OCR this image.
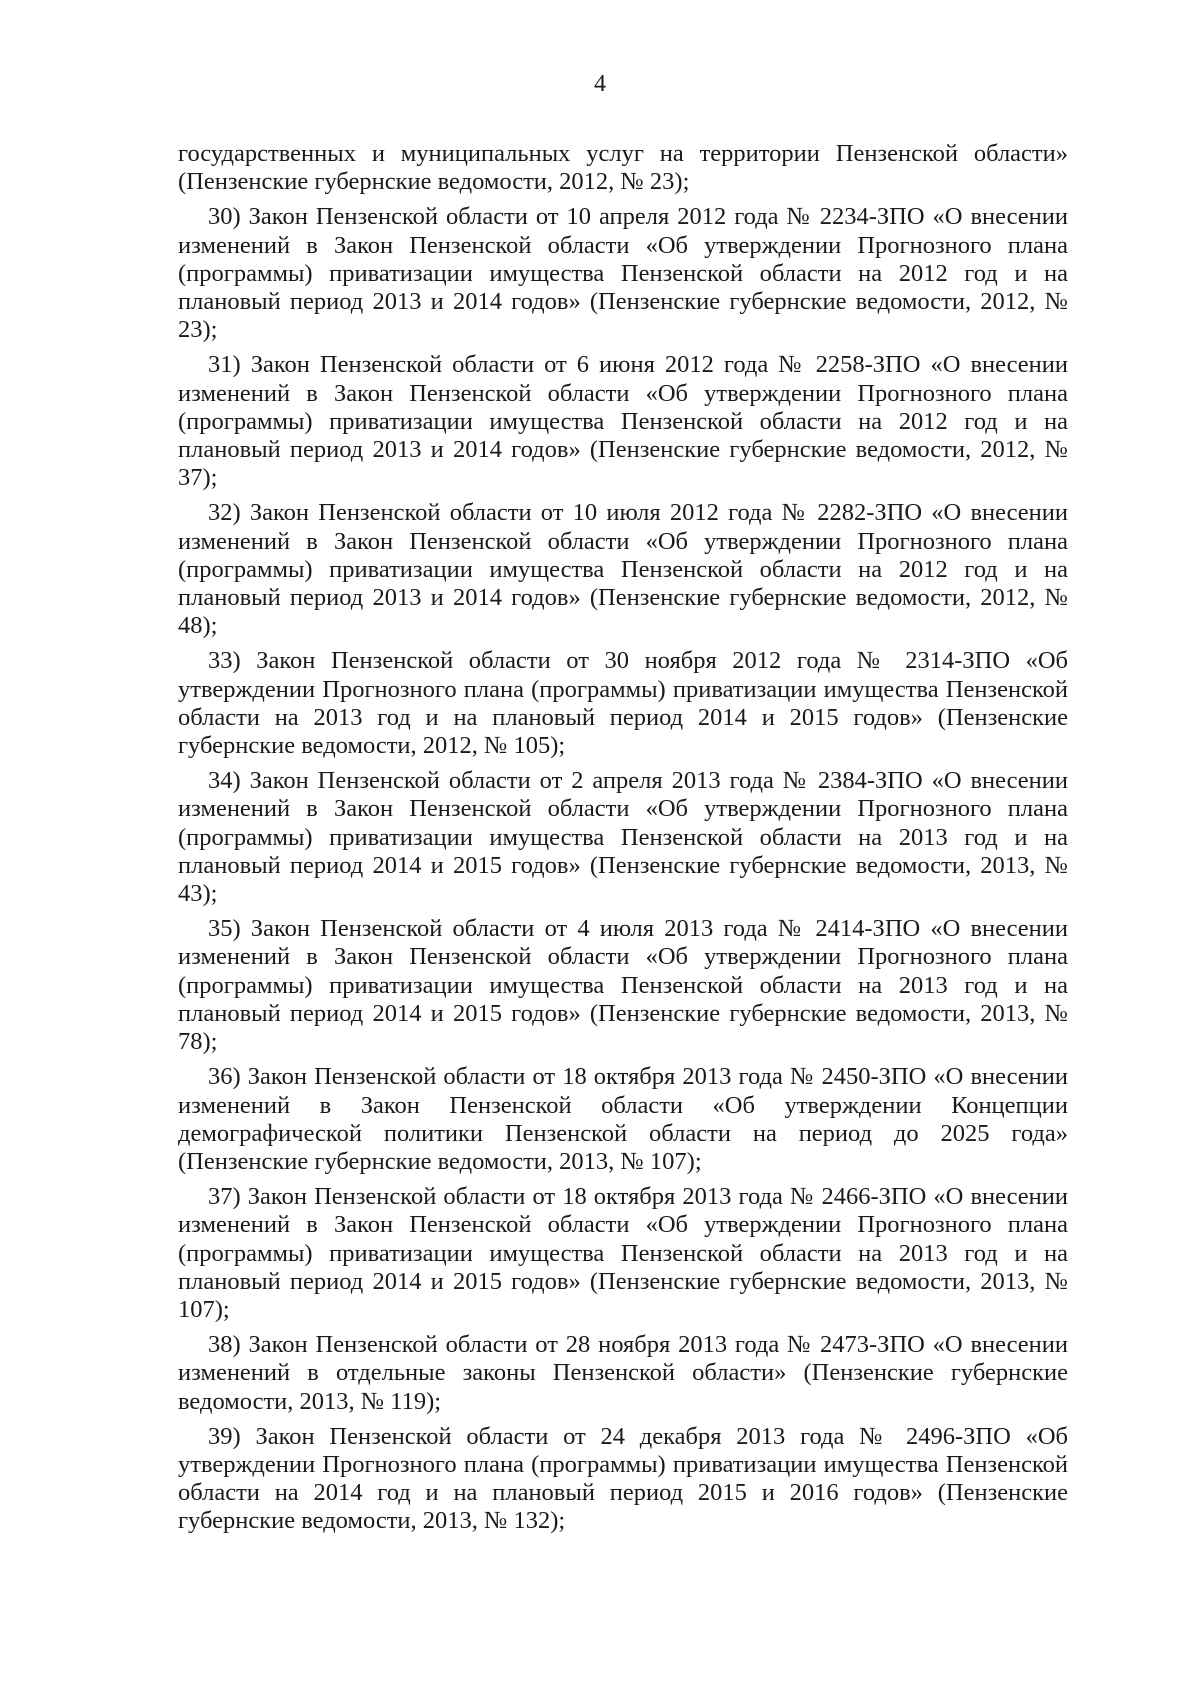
4

государственных и муниципальных услуг на территории Пензенской области» (Пензенские губернские ведомости, 2012, № 23);

30) Закон Пензенской области от 10 апреля 2012 года № 2234-ЗПО «О внесении изменений в Закон Пензенской области «Об утверждении Прогнозного плана (программы) приватизации имущества Пензенской области на 2012 год и на плановый период 2013 и 2014 годов» (Пензенские губернские ведомости, 2012, № 23);

31) Закон Пензенской области от 6 июня 2012 года № 2258-ЗПО «О внесении изменений в Закон Пензенской области «Об утверждении Прогнозного плана (программы) приватизации имущества Пензенской области на 2012 год и на плановый период 2013 и 2014 годов» (Пензенские губернские ведомости, 2012, № 37);

32) Закон Пензенской области от 10 июля 2012 года № 2282-ЗПО «О внесении изменений в Закон Пензенской области «Об утверждении Прогнозного плана (программы) приватизации имущества Пензенской области на 2012 год и на плановый период 2013 и 2014 годов» (Пензенские губернские ведомости, 2012, № 48);

33) Закон Пензенской области от 30 ноября 2012 года № 2314-ЗПО «Об утверждении Прогнозного плана (программы) приватизации имущества Пензенской области на 2013 год и на плановый период 2014 и 2015 годов» (Пензенские губернские ведомости, 2012, № 105);

34) Закон Пензенской области от 2 апреля 2013 года № 2384-ЗПО «О внесении изменений в Закон Пензенской области «Об утверждении Прогнозного плана (программы) приватизации имущества Пензенской области на 2013 год и на плановый период 2014 и 2015 годов» (Пензенские губернские ведомости, 2013, № 43);

35) Закон Пензенской области от 4 июля 2013 года № 2414-ЗПО «О внесении изменений в Закон Пензенской области «Об утверждении Прогнозного плана (программы) приватизации имущества Пензенской области на 2013 год и на плановый период 2014 и 2015 годов» (Пензенские губернские ведомости, 2013, № 78);

36) Закон Пензенской области от 18 октября 2013 года № 2450-ЗПО «О внесении изменений в Закон Пензенской области «Об утверждении Концепции демографической политики Пензенской области на период до 2025 года» (Пензенские губернские ведомости, 2013, № 107);

37) Закон Пензенской области от 18 октября 2013 года № 2466-ЗПО «О внесении изменений в Закон Пензенской области «Об утверждении Прогнозного плана (программы) приватизации имущества Пензенской области на 2013 год и на плановый период 2014 и 2015 годов» (Пензенские губернские ведомости, 2013, № 107);

38) Закон Пензенской области от 28 ноября 2013 года № 2473-ЗПО «О внесении изменений в отдельные законы Пензенской области» (Пензенские губернские ведомости, 2013, № 119);

39) Закон Пензенской области от 24 декабря 2013 года № 2496-ЗПО «Об утверждении Прогнозного плана (программы) приватизации имущества Пензенской области на 2014 год и на плановый период 2015 и 2016 годов» (Пензенские губернские ведомости, 2013, № 132);
